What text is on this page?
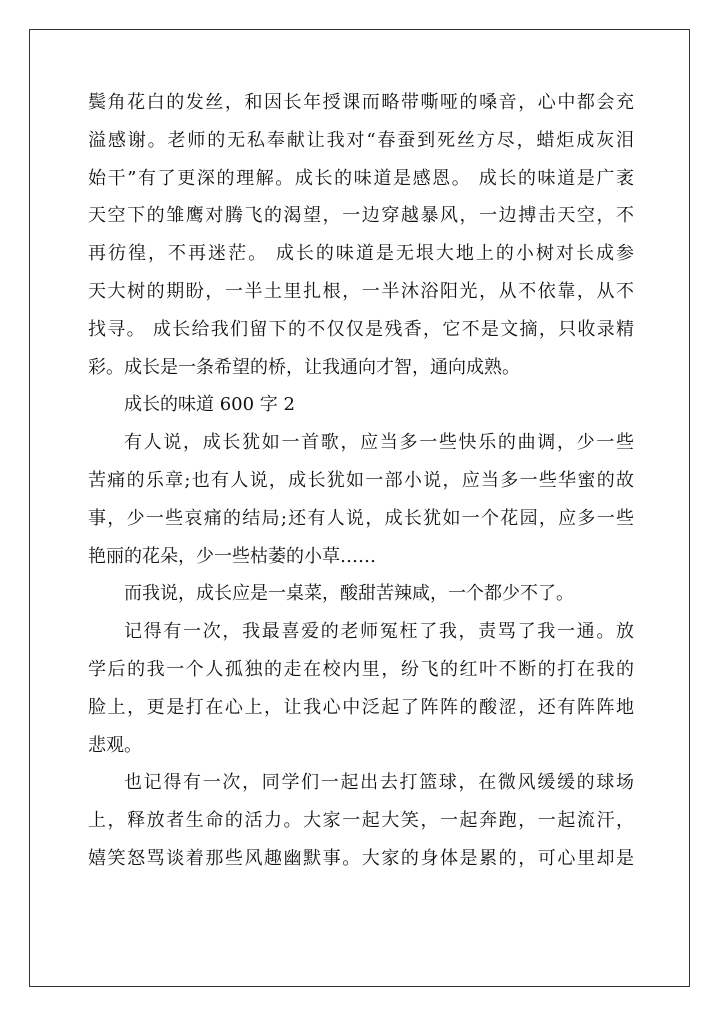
鬓角花白的发丝，和因长年授课而略带嘶哑的嗓音，心中都会充
溢感谢。老师的无私奉献让我对“春蚕到死丝方尽，蜡炬成灰泪
始干”有了更深的理解。成长的味道是感恩。 成长的味道是广袤
天空下的雏鹰对腾飞的渴望，一边穿越暴风，一边搏击天空，不
再彷徨，不再迷茫。 成长的味道是无垠大地上的小树对长成参
天大树的期盼，一半土里扎根，一半沐浴阳光，从不依靠，从不
找寻。 成长给我们留下的不仅仅是残香，它不是文摘，只收录精
彩。成长是一条希望的桥，让我通向才智，通向成熟。
成长的味道 600 字 2
有人说，成长犹如一首歌，应当多一些快乐的曲调，少一些
苦痛的乐章;也有人说，成长犹如一部小说，应当多一些华蜜的故
事，少一些哀痛的结局;还有人说，成长犹如一个花园，应多一些
艳丽的花朵，少一些枯萎的小草……
而我说，成长应是一桌菜，酸甜苦辣咸，一个都少不了。
记得有一次，我最喜爱的老师冤枉了我，责骂了我一通。放
学后的我一个人孤独的走在校内里，纷飞的红叶不断的打在我的
脸上，更是打在心上，让我心中泛起了阵阵的酸涩，还有阵阵地
悲观。
也记得有一次，同学们一起出去打篮球，在微风缓缓的球场
上，释放者生命的活力。大家一起大笑，一起奔跑，一起流汗，
嬉笑怒骂谈着那些风趣幽默事。大家的身体是累的，可心里却是
